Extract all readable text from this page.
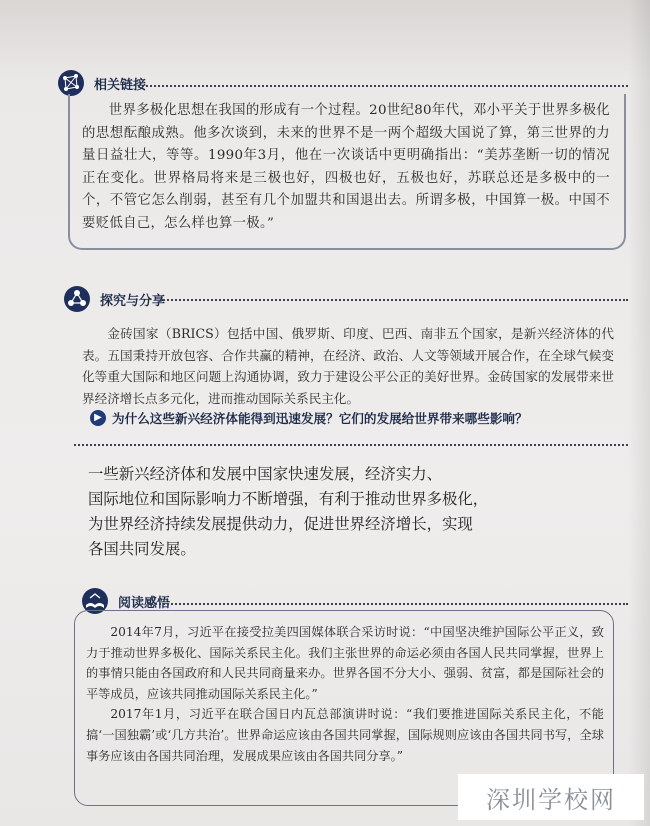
相关链接

世界多极化思想在我国的形成有一个过程。20世纪80年代，邓小平关于世界多极化的思想酝酿成熟。他多次谈到，未来的世界不是一两个超级大国说了算，第三世界的力量日益壮大，等等。1990年3月，他在一次谈话中更明确指出：“美苏垄断一切的情况正在变化。世界格局将来是三极也好，四极也好，五极也好，苏联总还是多极中的一个，不管它怎么削弱，甚至有几个加盟共和国退出去。所谓多极，中国算一极。中国不要贬低自己，怎么样也算一极。”

探究与分享

金砖国家（BRICS）包括中国、俄罗斯、印度、巴西、南非五个国家，是新兴经济体的代表。五国秉持开放包容、合作共赢的精神，在经济、政治、人文等领域开展合作，在全球气候变化等重大国际和地区问题上沟通协调，致力于建设公平公正的美好世界。金砖国家的发展带来世界经济增长点多元化，进而推动国际关系民主化。

▶ 为什么这些新兴经济体能得到迅速发展？它们的发展给世界带来哪些影响？

一些新兴经济体和发展中国家快速发展，经济实力、
国际地位和国际影响力不断增强，有利于推动世界多极化，
为世界经济持续发展提供动力，促进世界经济增长，实现
各国共同发展。

阅读感悟

2014年7月，习近平在接受拉美四国媒体联合采访时说：“中国坚决维护国际公平正义，致力于推动世界多极化、国际关系民主化。我们主张世界的命运必须由各国人民共同掌握，世界上的事情只能由各国政府和人民共同商量来办。世界各国不分大小、强弱、贫富，都是国际社会的平等成员，应该共同推动国际关系民主化。”

2017年1月，习近平在联合国日内瓦总部演讲时说：“我们要推进国际关系民主化，不能搞‘一国独霸’或‘几方共治’。世界命运应该由各国共同掌握，国际规则应该由各国共同书写，全球事务应该由各国共同治理，发展成果应该由各国共同分享。”

深圳学校网
